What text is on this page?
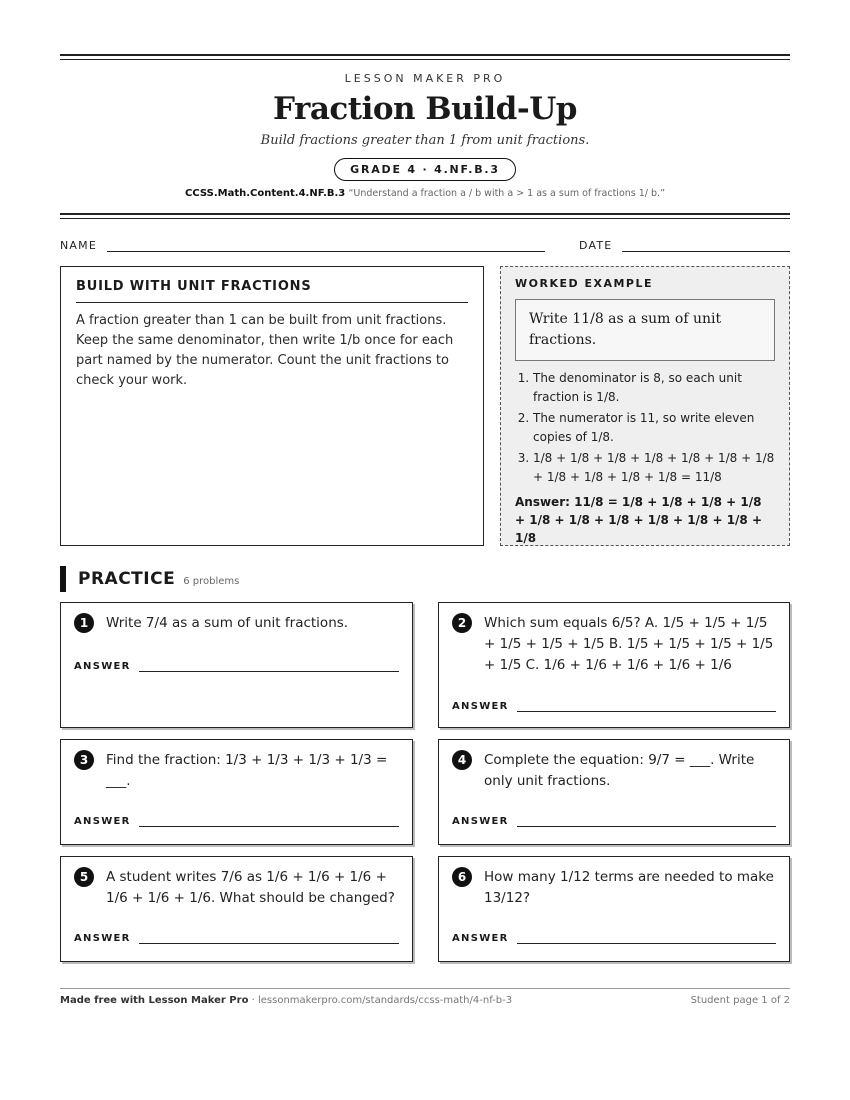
LESSON MAKER PRO
Fraction Build-Up
Build fractions greater than 1 from unit fractions.
GRADE 4 · 4.NF.B.3
CCSS.Math.Content.4.NF.B.3 “Understand a fraction a / b with a > 1 as a sum of fractions 1/ b.”
NAME	DATE
BUILD WITH UNIT FRACTIONS

A fraction greater than 1 can be built from unit fractions. Keep the same denominator, then write 1/b once for each part named by the numerator. Count the unit fractions to check your work.

WORKED EXAMPLE
Write 11/8 as a sum of unit fractions.
1. The denominator is 8, so each unit fraction is 1/8.
2. The numerator is 11, so write eleven copies of 1/8.
3. 1/8 + 1/8 + 1/8 + 1/8 + 1/8 + 1/8 + 1/8 + 1/8 + 1/8 + 1/8 + 1/8 = 11/8
Answer: 11/8 = 1/8 + 1/8 + 1/8 + 1/8 + 1/8 + 1/8 + 1/8 + 1/8 + 1/8 + 1/8 + 1/8
PRACTICE 6 problems
1	Write 7/4 as a sum of unit fractions.
ANSWER
2	Which sum equals 6/5? A. 1/5 + 1/5 + 1/5 + 1/5 + 1/5 + 1/5 B. 1/5 + 1/5 + 1/5 + 1/5 + 1/5 C. 1/6 + 1/6 + 1/6 + 1/6 + 1/6
ANSWER
3	Find the fraction: 1/3 + 1/3 + 1/3 + 1/3 = ___.
ANSWER
4	Complete the equation: 9/7 = ___. Write only unit fractions.
ANSWER
5	A student writes 7/6 as 1/6 + 1/6 + 1/6 + 1/6 + 1/6 + 1/6. What should be changed?
ANSWER
6	How many 1/12 terms are needed to make 13/12?
ANSWER
Made free with Lesson Maker Pro · lessonmakerpro.com/standards/ccss-math/4-nf-b-3	Student page 1 of 2
